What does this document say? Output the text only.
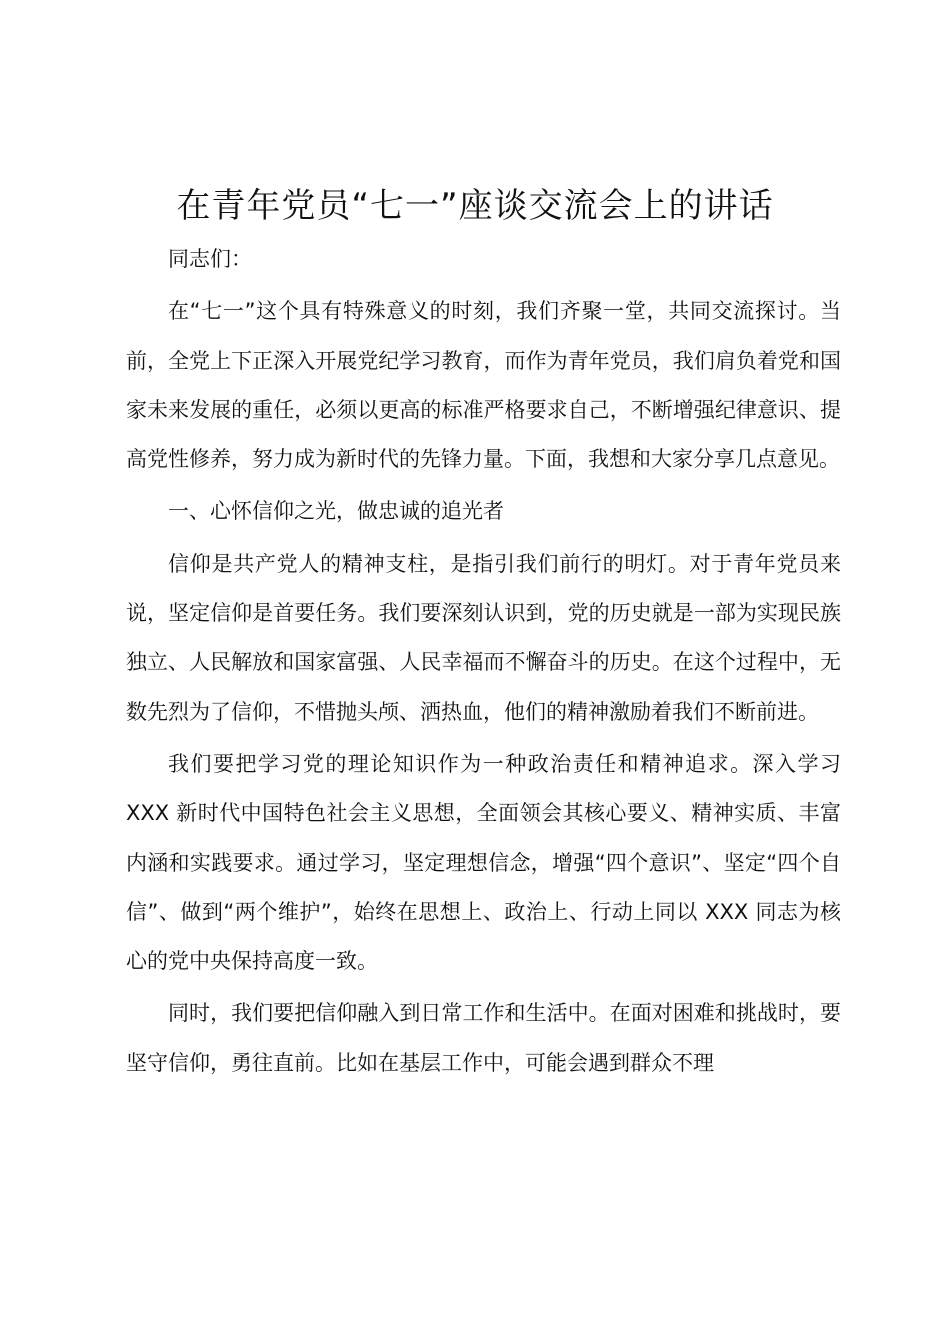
在青年党员“七一”座谈交流会上的讲话

同志们：

在“七一”这个具有特殊意义的时刻，我们齐聚一堂，共同交流探讨。当前，全党上下正深入开展党纪学习教育，而作为青年党员，我们肩负着党和国家未来发展的重任，必须以更高的标准严格要求自己，不断增强纪律意识、提高党性修养，努力成为新时代的先锋力量。下面，我想和大家分享几点意见。

一、心怀信仰之光，做忠诚的追光者

信仰是共产党人的精神支柱，是指引我们前行的明灯。对于青年党员来说，坚定信仰是首要任务。我们要深刻认识到，党的历史就是一部为实现民族独立、人民解放和国家富强、人民幸福而不懈奋斗的历史。在这个过程中，无数先烈为了信仰，不惜抛头颅、洒热血，他们的精神激励着我们不断前进。

我们要把学习党的理论知识作为一种政治责任和精神追求。深入学习 XXX 新时代中国特色社会主义思想，全面领会其核心要义、精神实质、丰富内涵和实践要求。通过学习，坚定理想信念，增强“四个意识”、坚定“四个自信”、做到“两个维护”，始终在思想上、政治上、行动上同以 XXX 同志为核心的党中央保持高度一致。

同时，我们要把信仰融入到日常工作和生活中。在面对困难和挑战时，要坚守信仰，勇往直前。比如在基层工作中，可能会遇到群众不理
